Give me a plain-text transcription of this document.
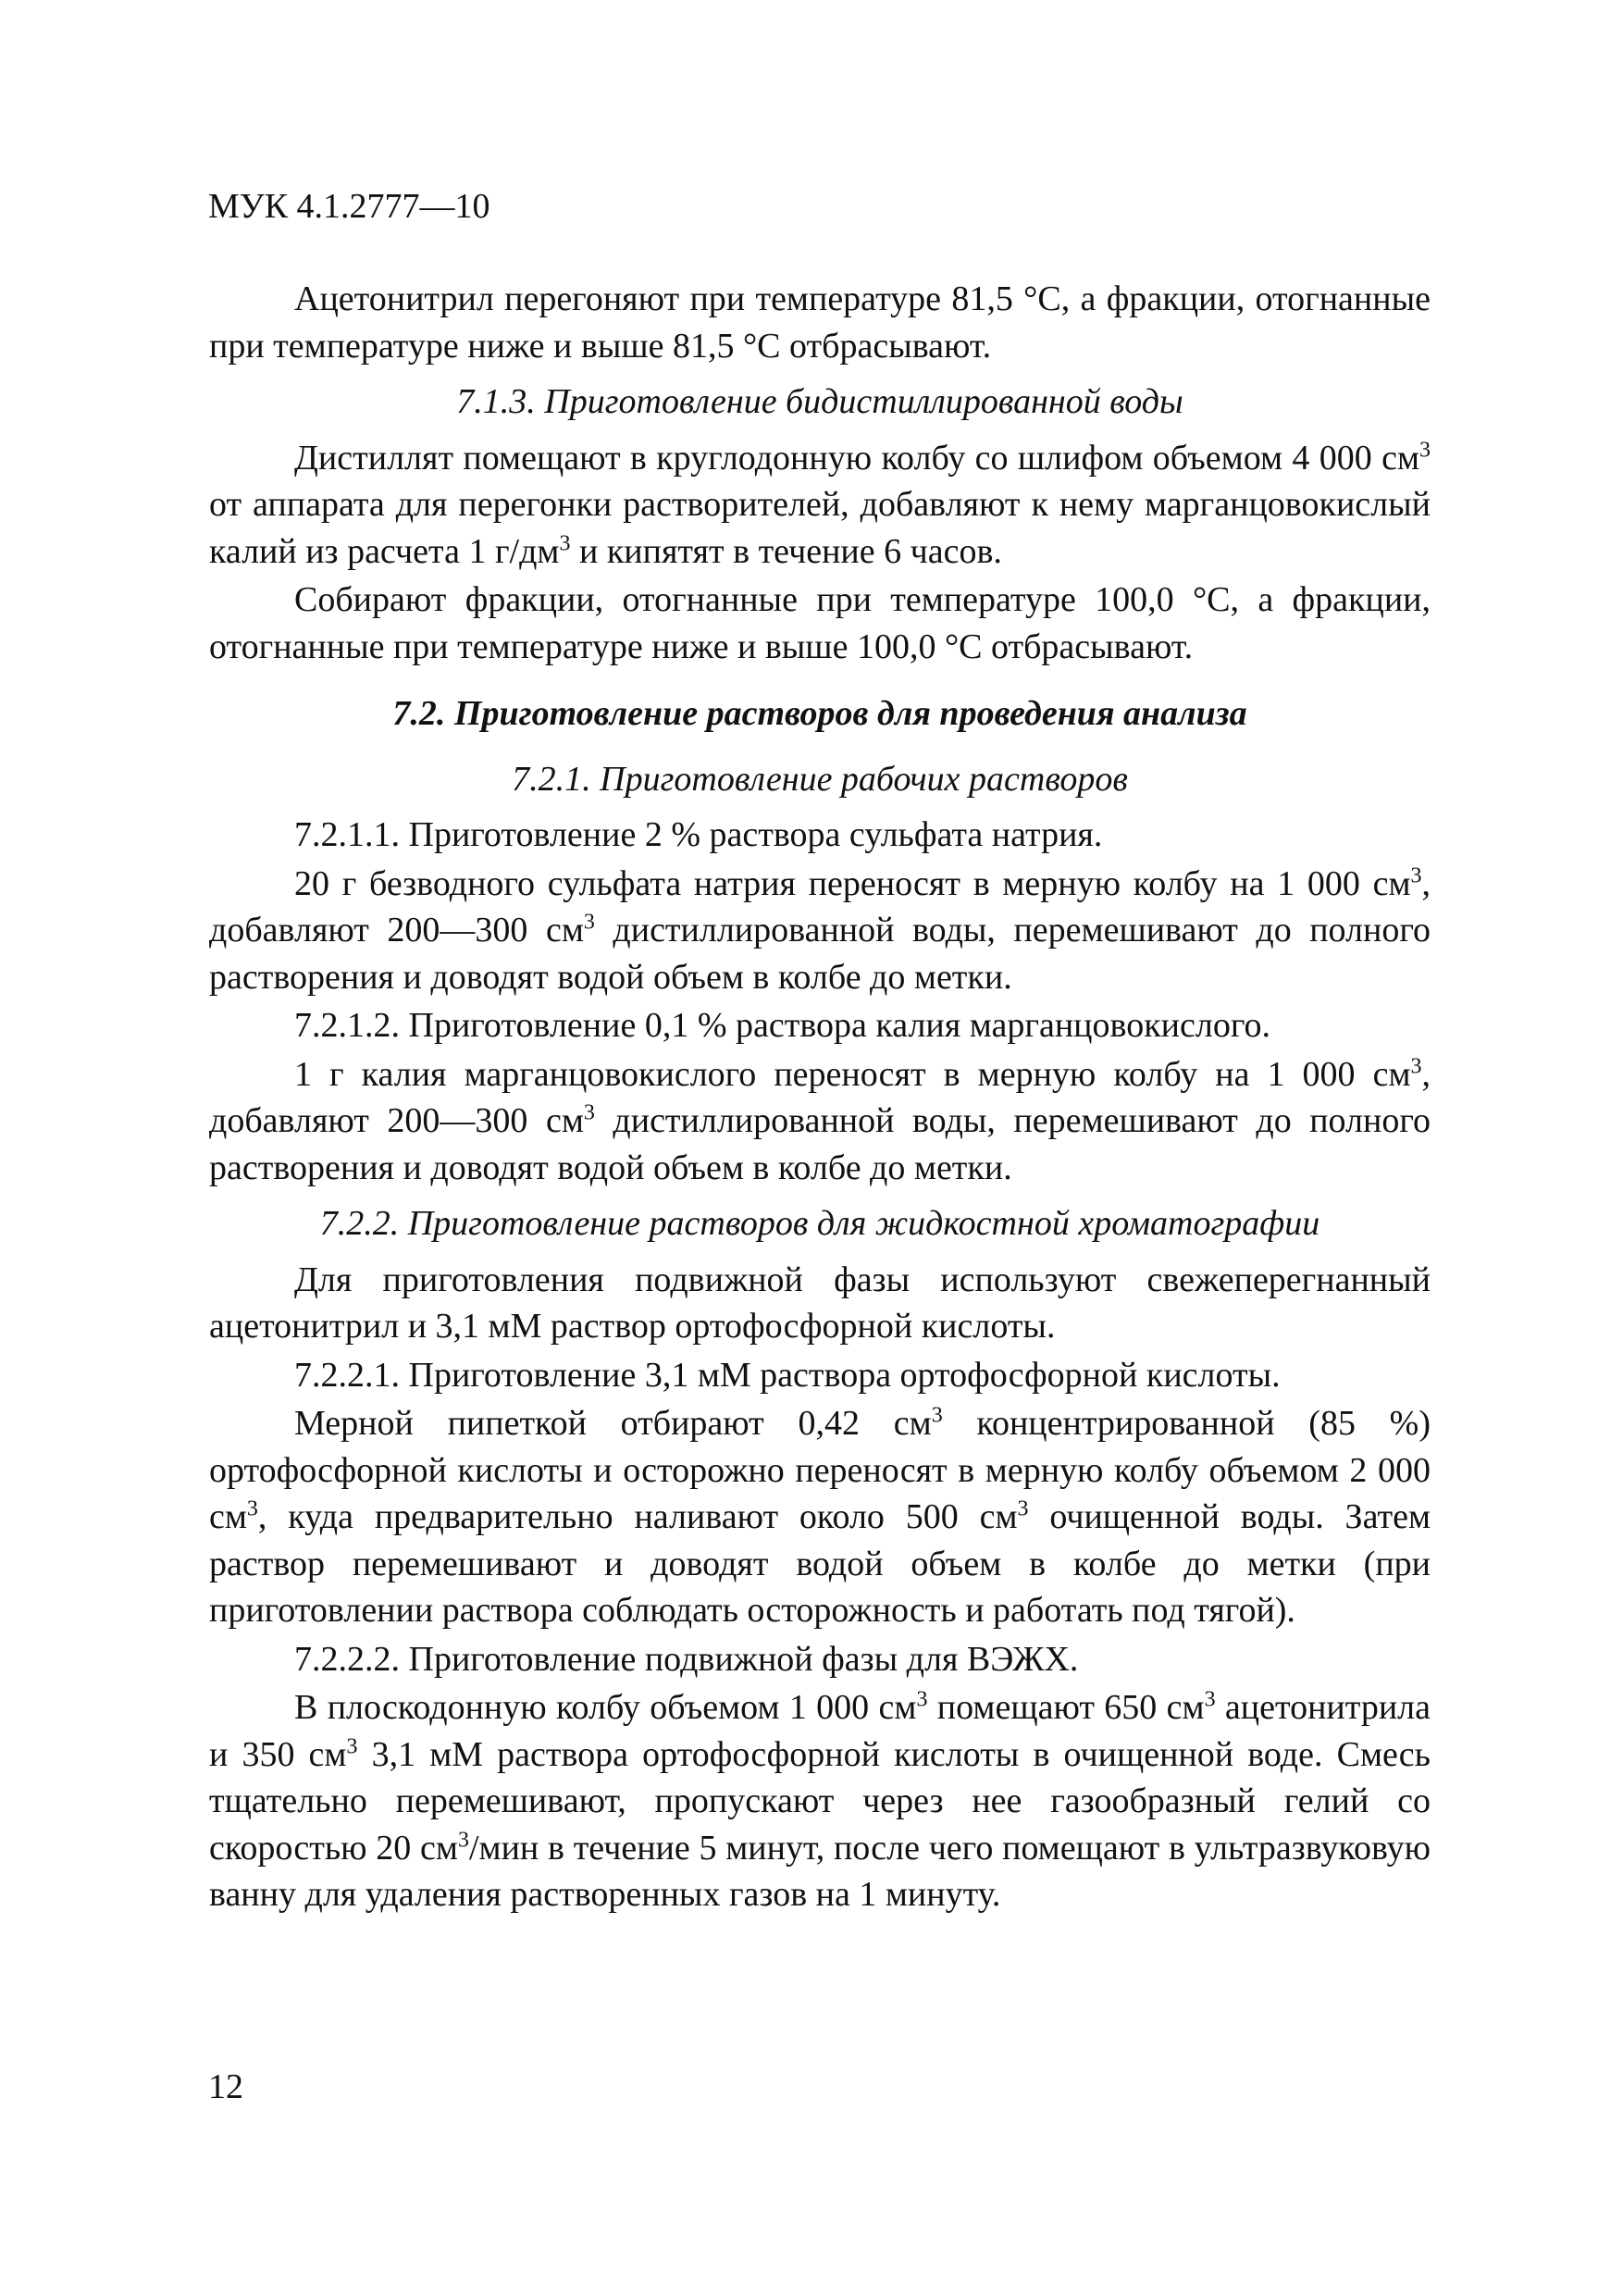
МУК 4.1.2777—10

Ацетонитрил перегоняют при температуре 81,5 °С, а фракции, отогнанные при температуре ниже и выше 81,5 °С отбрасывают.

7.1.3. Приготовление бидистиллированной воды

Дистиллят помещают в круглодонную колбу со шлифом объемом 4 000 $см^3$ от аппарата для перегонки растворителей, добавляют к нему марганцовокислый калий из расчета 1 $г/дм^3$ и кипятят в течение 6 часов.

Собирают фракции, отогнанные при температуре 100,0 °С, а фракции, отогнанные при температуре ниже и выше 100,0 °С отбрасывают.

7.2. Приготовление растворов для проведения анализа

7.2.1. Приготовление рабочих растворов

7.2.1.1. Приготовление 2 % раствора сульфата натрия.

20 г безводного сульфата натрия переносят в мерную колбу на 1 000 $см^3$, добавляют 200—300 $см^3$ дистиллированной воды, перемешивают до полного растворения и доводят водой объем в колбе до метки.

7.2.1.2. Приготовление 0,1 % раствора калия марганцовокислого.

1 г калия марганцовокислого переносят в мерную колбу на 1 000 $см^3$, добавляют 200—300 $см^3$ дистиллированной воды, перемешивают до полного растворения и доводят водой объем в колбе до метки.

7.2.2. Приготовление растворов для жидкостной хроматографии

Для приготовления подвижной фазы используют свежеперегнанный ацетонитрил и 3,1 мМ раствор ортофосфорной кислоты.

7.2.2.1. Приготовление 3,1 мМ раствора ортофосфорной кислоты.

Мерной пипеткой отбирают 0,42 $см^3$ концентрированной (85 %) ортофосфорной кислоты и осторожно переносят в мерную колбу объемом 2 000 $см^3$, куда предварительно наливают около 500 $см^3$ очищенной воды. Затем раствор перемешивают и доводят водой объем в колбе до метки (при приготовлении раствора соблюдать осторожность и работать под тягой).

7.2.2.2. Приготовление подвижной фазы для ВЭЖХ.

В плоскодонную колбу объемом 1 000 $см^3$ помещают 650 $см^3$ ацетонитрила и 350 $см^3$ 3,1 мМ раствора ортофосфорной кислоты в очищенной воде. Смесь тщательно перемешивают, пропускают через нее газообразный гелий со скоростью 20 $см^3$/мин в течение 5 минут, после чего помещают в ультразвуковую ванну для удаления растворенных газов на 1 минуту.

12
